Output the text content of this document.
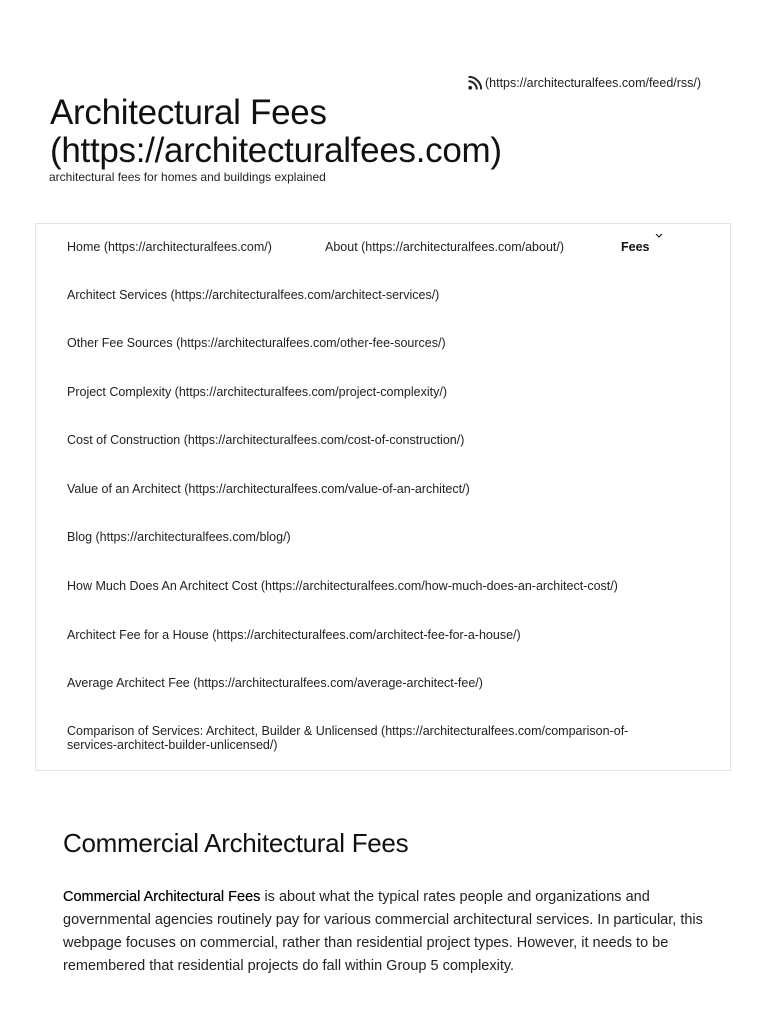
(https://architecturalfees.com/feed/rss/)
Architectural Fees (https://architecturalfees.com)

architectural fees for homes and buildings explained

Home (https://architecturalfees.com/)	About (https://architecturalfees.com/about/)	Fees
Architect Services (https://architecturalfees.com/architect-services/)
Other Fee Sources (https://architecturalfees.com/other-fee-sources/)
Project Complexity (https://architecturalfees.com/project-complexity/)
Cost of Construction (https://architecturalfees.com/cost-of-construction/)
Value of an Architect (https://architecturalfees.com/value-of-an-architect/)
Blog (https://architecturalfees.com/blog/)
How Much Does An Architect Cost (https://architecturalfees.com/how-much-does-an-architect-cost/)
Architect Fee for a House (https://architecturalfees.com/architect-fee-for-a-house/)
Average Architect Fee (https://architecturalfees.com/average-architect-fee/)
Comparison of Services: Architect, Builder & Unlicensed (https://architecturalfees.com/comparison-of-services-architect-builder-unlicensed/)
Commercial Architectural Fees

Commercial Architectural Fees is about what the typical rates people and organizations and governmental agencies routinely pay for various commercial architectural services. In particular, this webpage focuses on commercial, rather than residential project types. However, it needs to be remembered that residential projects do fall within Group 5 complexity.
